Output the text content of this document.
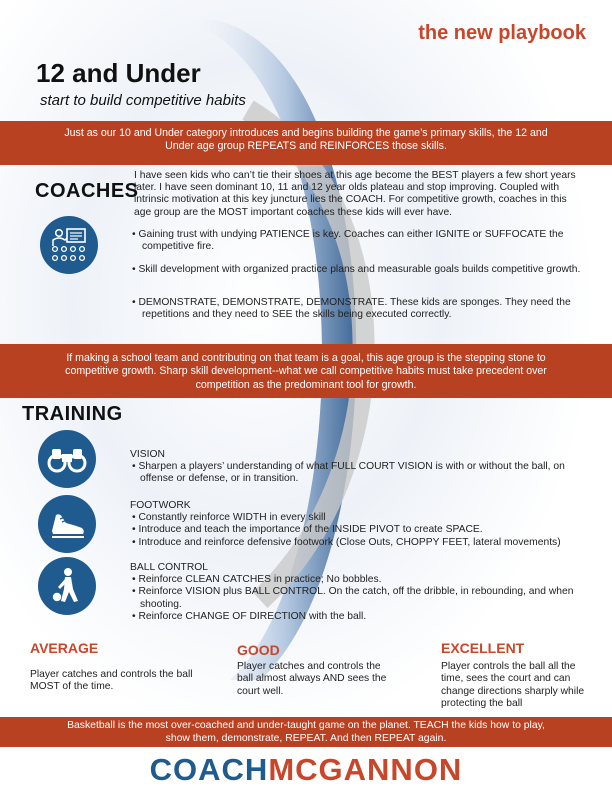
the new playbook
12 and Under
start to build competitive habits
Just as our 10 and Under category introduces and begins building the game’s primary skills, the 12 and Under age group REPEATS and REINFORCES those skills.
COACHES
I have seen kids who can’t tie their shoes at this age become the BEST players a few short years later. I have seen dominant 10, 11 and 12 year olds plateau and stop improving. Coupled with intrinsic motivation at this key juncture lies the COACH. For competitive growth, coaches in this age group are the MOST important coaches these kids will ever have.
• Gaining trust with undying PATIENCE is key. Coaches can either IGNITE or SUFFOCATE the competitive fire.
• Skill development with organized practice plans and measurable goals builds competitive growth.
• DEMONSTRATE, DEMONSTRATE, DEMONSTRATE. These kids are sponges. They need the repetitions and they need to SEE the skills being executed correctly.
If making a school team and contributing on that team is a goal, this age group is the stepping stone to competitive growth. Sharp skill development--what we call competitive habits must take precedent over competition as the predominant tool for growth.
TRAINING
VISION
• Sharpen a players’ understanding of what FULL COURT VISION is with or without the ball, on offense or defense, or in transition.
FOOTWORK
• Constantly reinforce WIDTH in every skill
• Introduce and teach the importance of the INSIDE PIVOT to create SPACE.
• Introduce and reinforce defensive footwork (Close Outs, CHOPPY FEET, lateral movements)
BALL CONTROL
• Reinforce CLEAN CATCHES in practice; No bobbles.
• Reinforce VISION plus BALL CONTROL. On the catch, off the dribble, in rebounding, and when shooting.
• Reinforce CHANGE OF DIRECTION with the ball.
AVERAGE
Player catches and controls the ball MOST of the time.
GOOD
Player catches and controls the ball almost always AND sees the court well.
EXCELLENT
Player controls the ball all the time, sees the court and can change directions sharply while protecting the ball
Basketball is the most over-coached and under-taught game on the planet. TEACH the kids how to play, show them, demonstrate, REPEAT. And then REPEAT again.
COACHMCGANNON
